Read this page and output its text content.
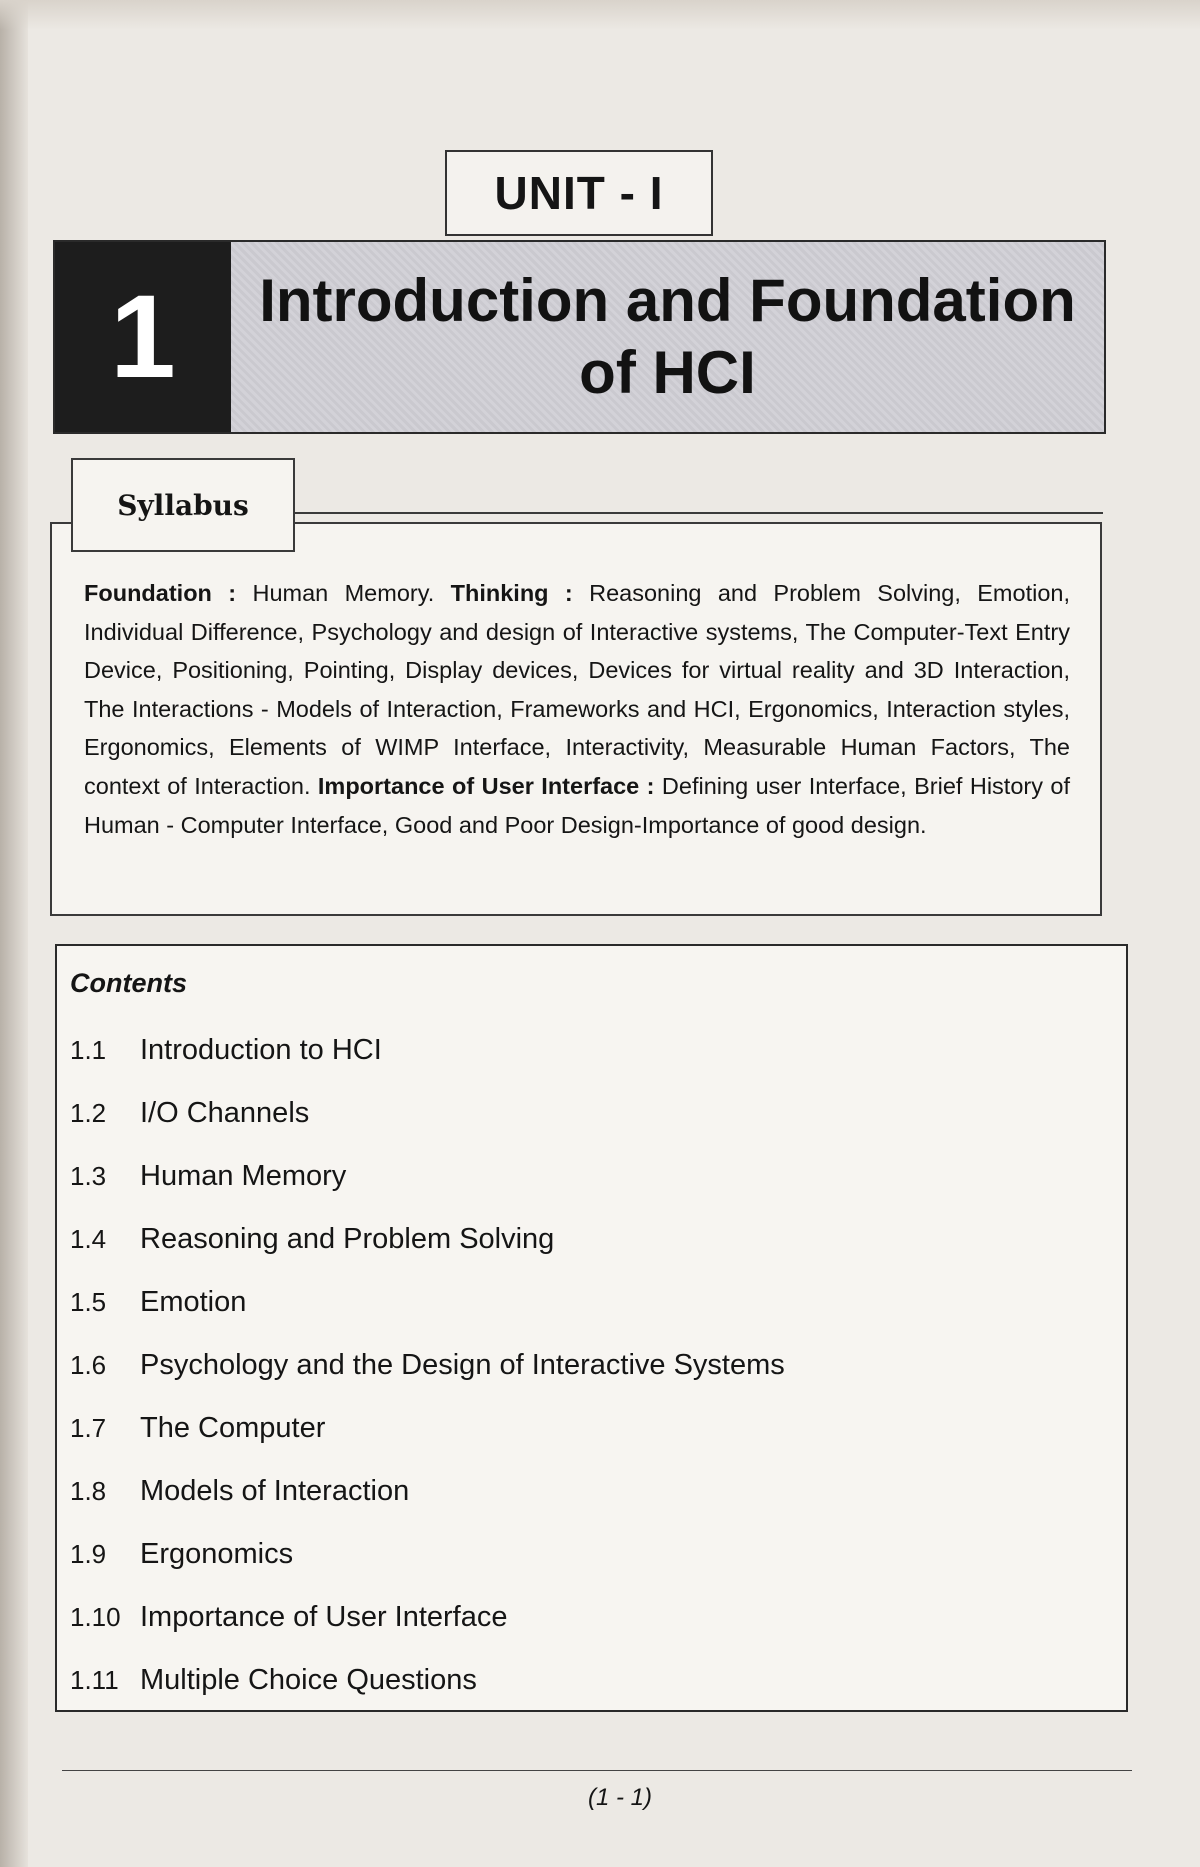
UNIT - I
1	Introduction and Foundation
of HCI
Syllabus

Foundation : Human Memory. Thinking : Reasoning and Problem Solving, Emotion, Individual Difference, Psychology and design of Interactive systems, The Computer-Text Entry Device, Positioning, Pointing, Display devices, Devices for virtual reality and 3D Interaction, The Interactions - Models of Interaction, Frameworks and HCI, Ergonomics, Interaction styles, Ergonomics, Elements of WIMP Interface, Interactivity, Measurable Human Factors, The context of Interaction. Importance of User Interface : Defining user Interface, Brief History of Human - Computer Interface, Good and Poor Design-Importance of good design.

Contents
1.1	Introduction to HCI
1.2	I/O Channels
1.3	Human Memory
1.4	Reasoning and Problem Solving
1.5	Emotion
1.6	Psychology and the Design of Interactive Systems
1.7	The Computer
1.8	Models of Interaction
1.9	Ergonomics
1.10 Importance of User Interface
1.11 Multiple Choice Questions
(1 - 1)
